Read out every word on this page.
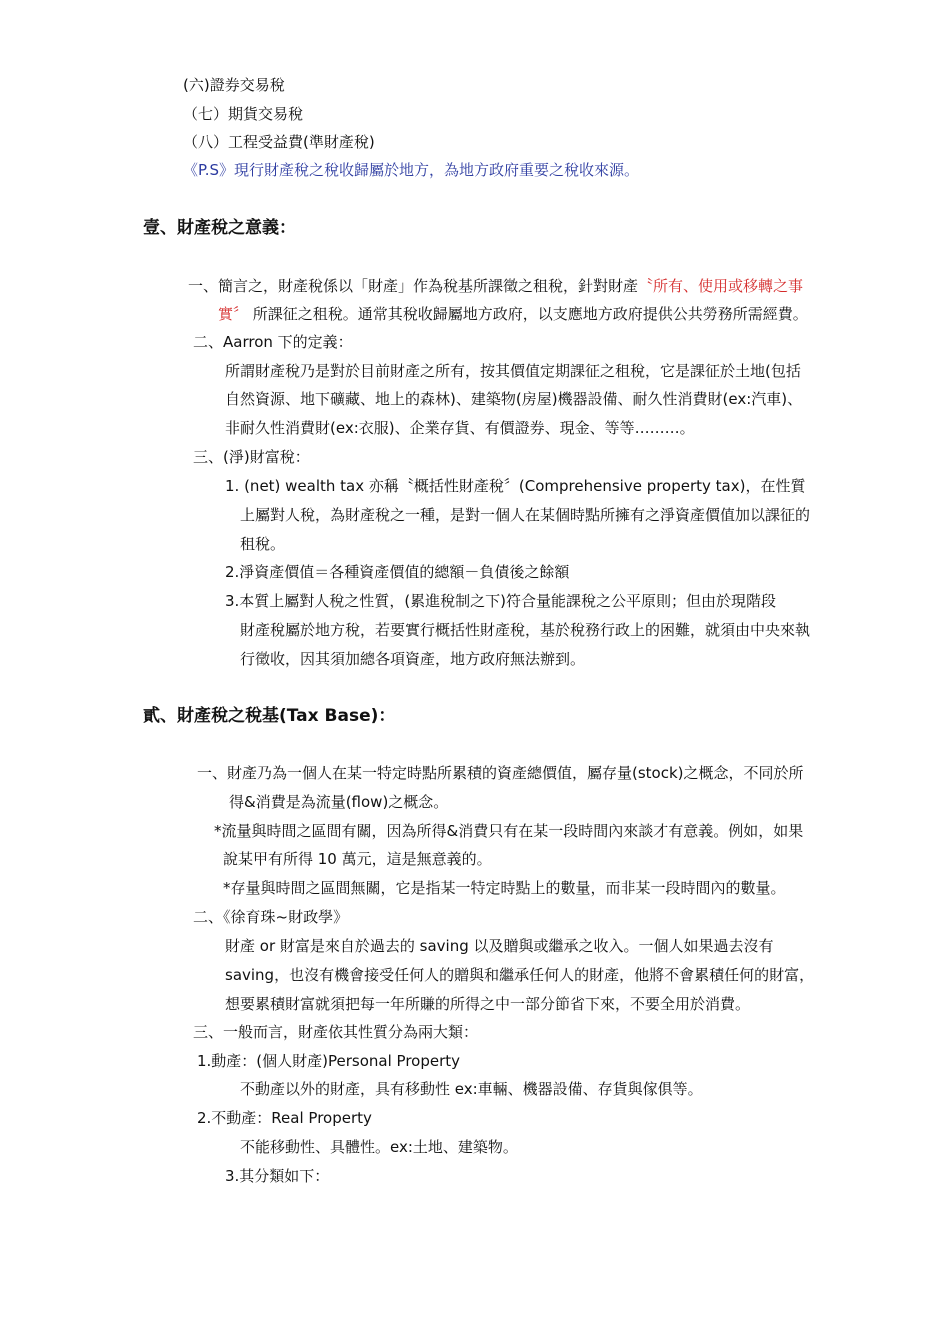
(六)證券交易稅
（七）期貨交易稅
（八）工程受益費(準財產稅)
《P.S》現行財產稅之稅收歸屬於地方，為地方政府重要之稅收來源。
壹、財產稅之意義：
一、簡言之，財產稅係以「財產」作為稅基所課徵之租稅，針對財產〝所有、使用或移轉之事
實〞 所課征之租稅。通常其稅收歸屬地方政府，以支應地方政府提供公共勞務所需經費。
二、Aarron 下的定義：
所謂財產稅乃是對於目前財產之所有，按其價值定期課征之租稅，它是課征於土地(包括
自然資源、地下礦藏、地上的森林)、建築物(房屋)機器設備、耐久性消費財(ex:汽車)、
非耐久性消費財(ex:衣服)、企業存貨、有價證券、現金、等等………。
三、(淨)財富稅：
1. (net) wealth tax 亦稱〝概括性財產稅〞(Comprehensive property tax)，在性質
上屬對人稅，為財產稅之一種，是對一個人在某個時點所擁有之淨資產價值加以課征的
租稅。
2.淨資產價值＝各種資產價值的總額－負債後之餘額
3.本質上屬對人稅之性質，(累進稅制之下)符合量能課稅之公平原則；但由於現階段
財產稅屬於地方稅，若要實行概括性財產稅，基於稅務行政上的困難，就須由中央來執
行徵收，因其須加總各項資產，地方政府無法辦到。
貳、財產稅之稅基(Tax Base)：
一、財產乃為一個人在某一特定時點所累積的資產總價值，屬存量(stock)之概念，不同於所
得&消費是為流量(flow)之概念。
*流量與時間之區間有關，因為所得&消費只有在某一段時間內來談才有意義。例如，如果
說某甲有所得 10 萬元，這是無意義的。
*存量與時間之區間無關，它是指某一特定時點上的數量，而非某一段時間內的數量。
二、《徐育珠~財政學》
財產 or 財富是來自於過去的 saving 以及贈與或繼承之收入。一個人如果過去沒有
saving，也沒有機會接受任何人的贈與和繼承任何人的財產，他將不會累積任何的財富，
想要累積財富就須把每一年所賺的所得之中一部分節省下來，不要全用於消費。
三、一般而言，財產依其性質分為兩大類：
1.動產：(個人財產)Personal Property
不動產以外的財產，具有移動性 ex:車輛、機器設備、存貨與傢俱等。
2.不動產：Real Property
不能移動性、具體性。ex:土地、建築物。
3.其分類如下：
